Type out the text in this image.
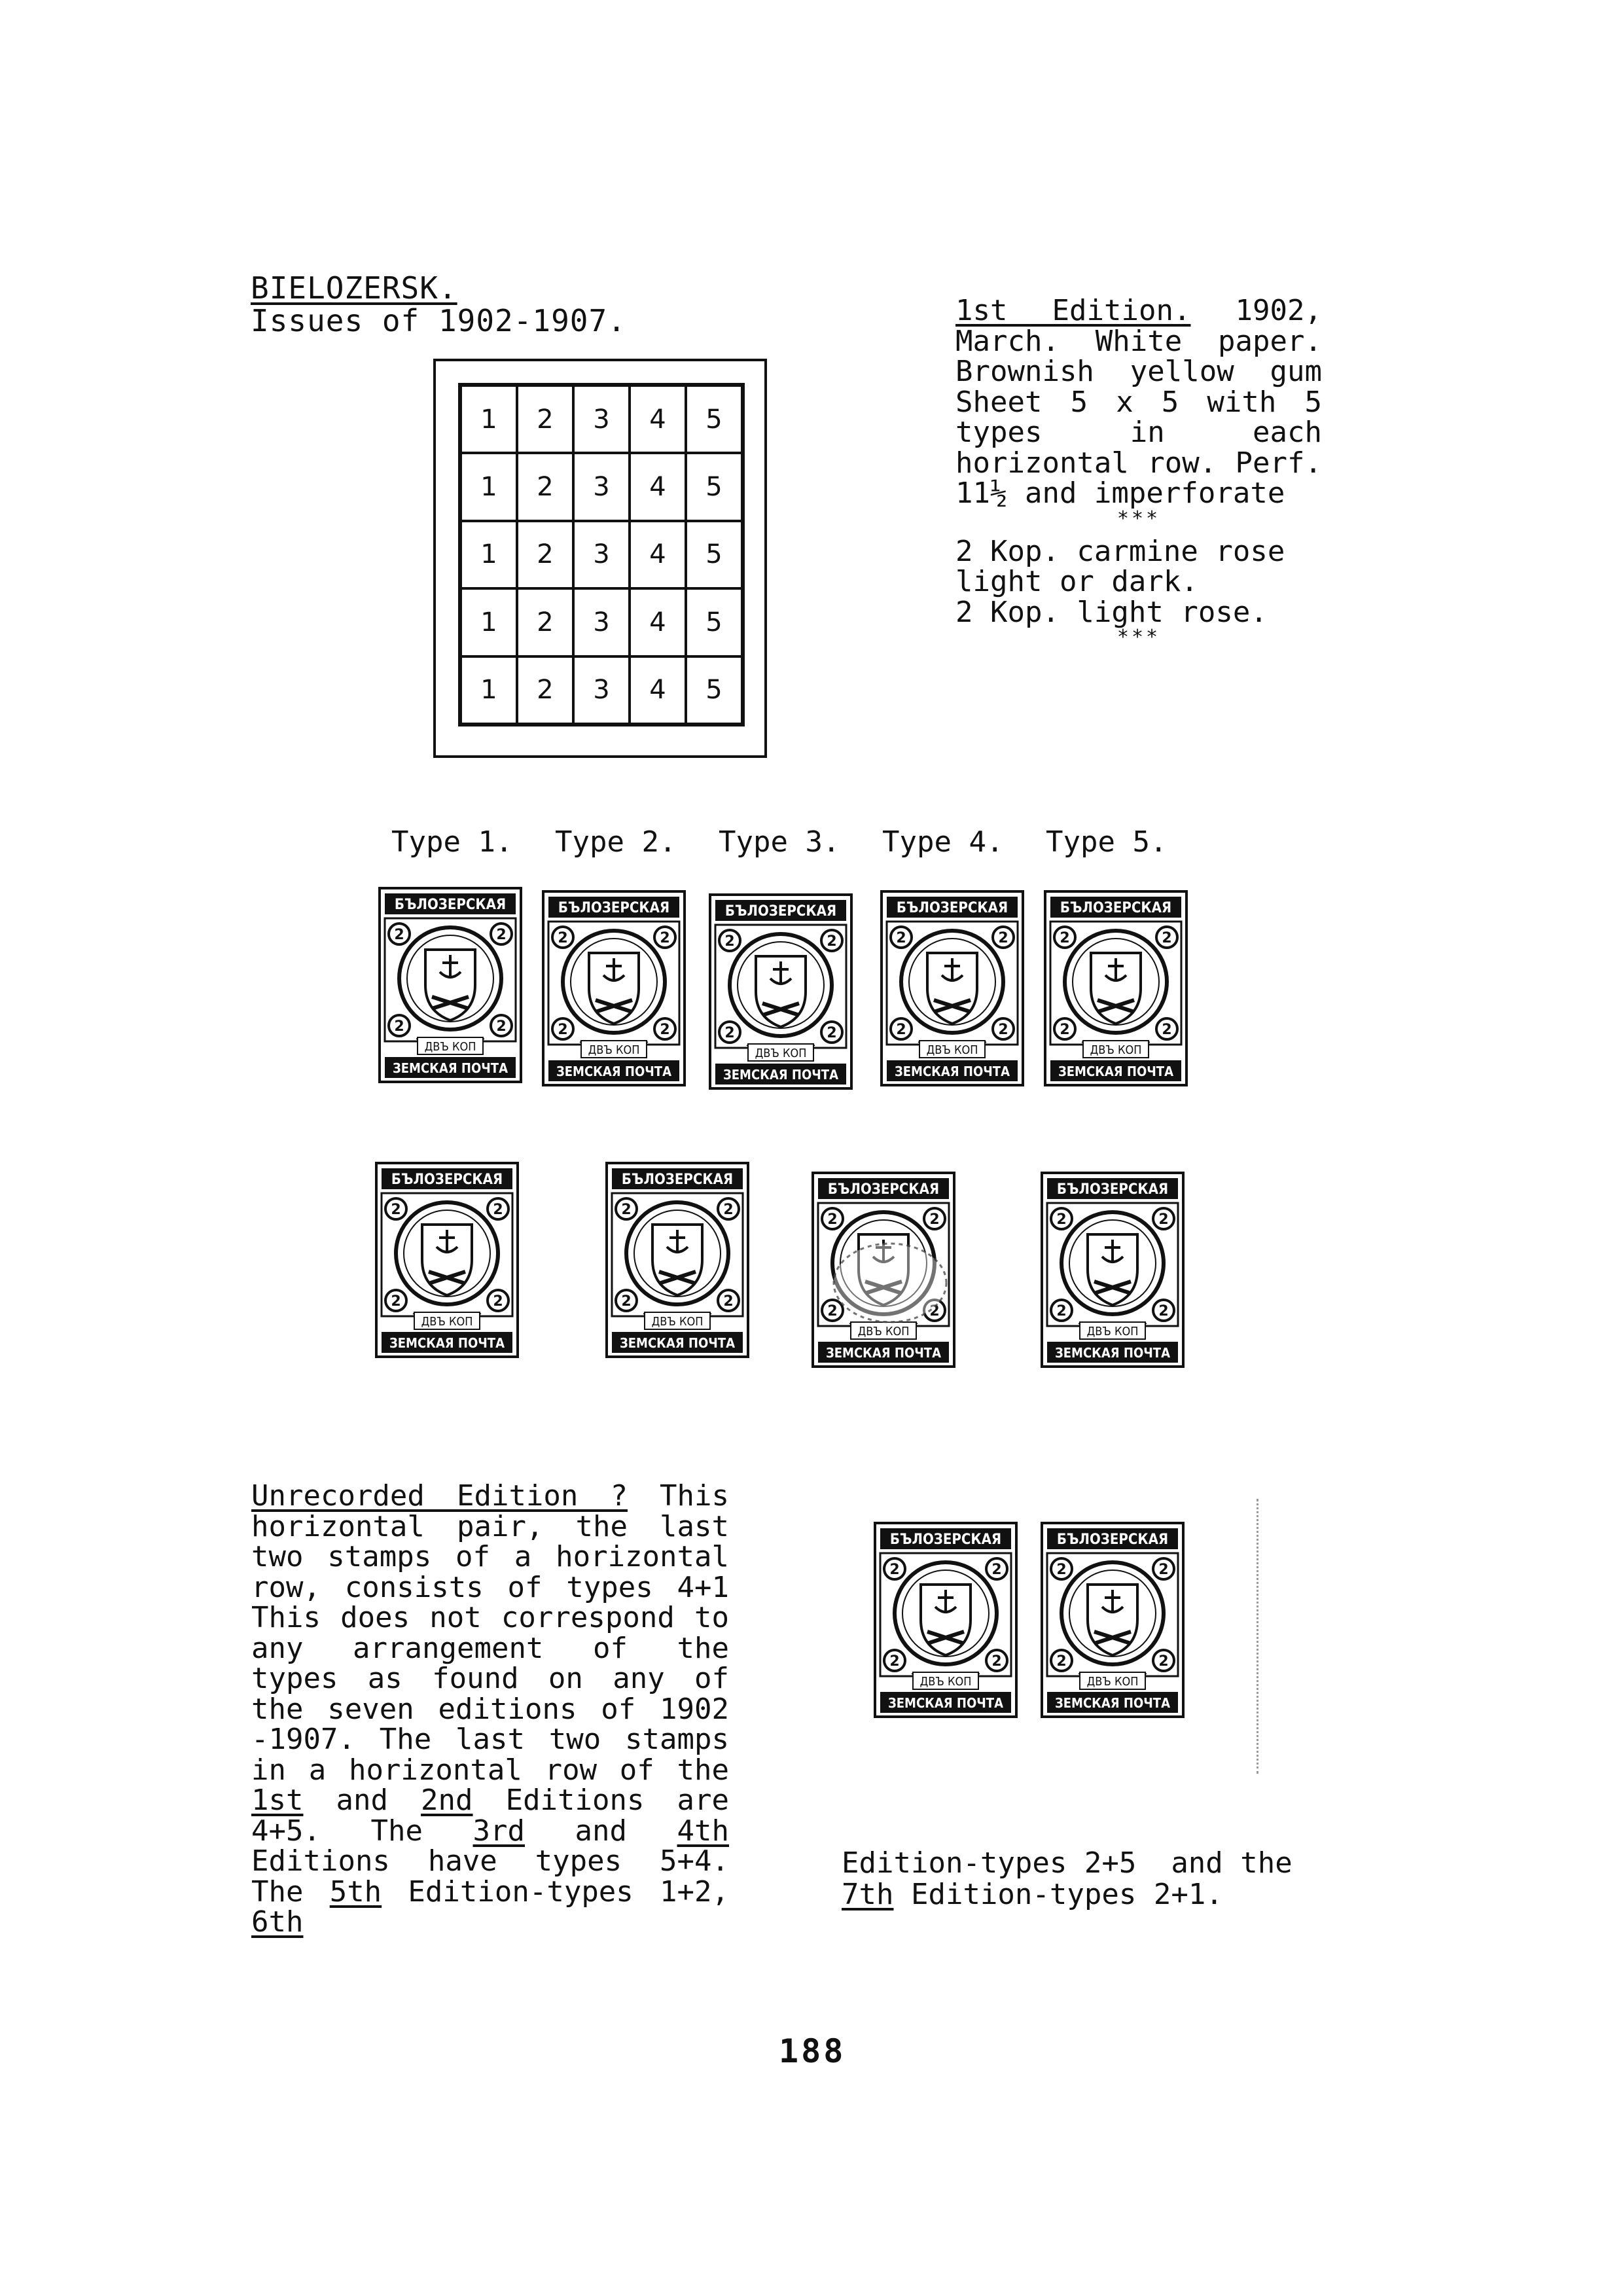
BIELOZERSK.
Issues of 1902-1907.
1	2	3	4	5
1	2	3	4	5
1	2	3	4	5
1	2	3	4	5
1	2	3	4	5
1st Edition. 1902, March. White paper. Brownish yellow gum Sheet 5 x 5 with 5 types in each horizontal row. Perf. 11½ and imperforate
***
2 Kop. carmine rose light or dark.
2 Kop. light rose.
***
Type 1. Type 2. Type 3. Type 4. Type 5.
БЪЛОЗЕРСКАЯ
2	2
2	2
ДВЪ КОП
ЗЕМСКАЯ ПОЧТА
БЪЛОЗЕРСКАЯ
2	2
2	2
ДВЪ КОП
ЗЕМСКАЯ ПОЧТА
БЪЛОЗЕРСКАЯ
2	2
2	2
ДВЪ КОП
ЗЕМСКАЯ ПОЧТА
БЪЛОЗЕРСКАЯ
2	2
2	2
ДВЪ КОП
ЗЕМСКАЯ ПОЧТА
БЪЛОЗЕРСКАЯ
2	2
2	2
ДВЪ КОП
ЗЕМСКАЯ ПОЧТА
БЪЛОЗЕРСКАЯ
2	2
2	2
ДВЪ КОП
ЗЕМСКАЯ ПОЧТА
БЪЛОЗЕРСКАЯ
2	2
2	2
ДВЪ КОП
ЗЕМСКАЯ ПОЧТА
БЪЛОЗЕРСКАЯ
2	2
2	2
ДВЪ КОП
ЗЕМСКАЯ ПОЧТА
БЪЛОЗЕРСКАЯ
2	2
2	2
ДВЪ КОП
ЗЕМСКАЯ ПОЧТА
БЪЛОЗЕРСКАЯ
2	2
2	2
ДВЪ КОП
ЗЕМСКАЯ ПОЧТА
БЪЛОЗЕРСКАЯ
2	2
2	2
ДВЪ КОП
ЗЕМСКАЯ ПОЧТА
Unrecorded Edition ? This horizontal pair, the last two stamps of a horizontal row, consists of types 4+1 This does not correspond to any arrangement of the types as found on any of the seven editions of 1902 -1907. The last two stamps in a horizontal row of the 1st and 2nd Editions are 4+5. The 3rd and 4th Editions have types 5+4. The 5th Edition-types 1+2, 6th
Edition-types 2+5  and the
7th Edition-types 2+1.
188
